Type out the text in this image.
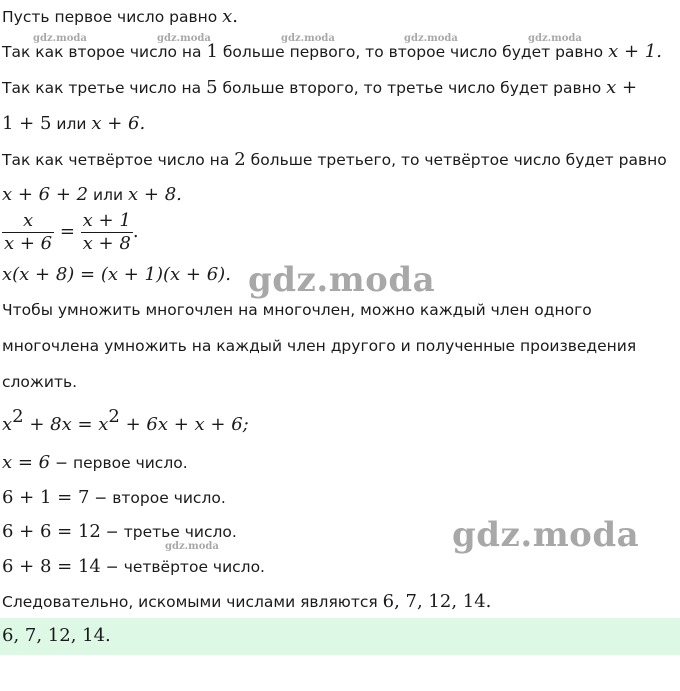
gdz.moda	gdz.moda	gdz.moda	gdz.moda	gdz.moda
gdz.moda
gdz.moda
gdz.moda
Пусть первое число равно x.
Так как второе число на 1 больше первого, то второе число будет равно x + 1.
Так как третье число на 5 больше второго, то третье число будет равно x +
1 + 5 или x + 6.
Так как четвёртое число на 2 больше третьего, то четвёртое число будет равно
x + 6 + 2 или x + 8.
$\frac{x}{x + 6} = \frac{x + 1}{x + 8}$ .
x(x + 8) = (x + 1)(x + 6).
Чтобы умножить многочлен на многочлен, можно каждый член одного
многочлена умножить на каждый член другого и полученные произведения
сложить.
$x^2 + 8x = x^2 + 6x + x + 6$;
x = 6 − первое число.
6 + 1 = 7 − второе число.
6 + 6 = 12 − третье число.
6 + 8 = 14 − четвёртое число.
Следовательно, искомыми числами являются 6, 7, 12, 14.
6, 7, 12, 14.
